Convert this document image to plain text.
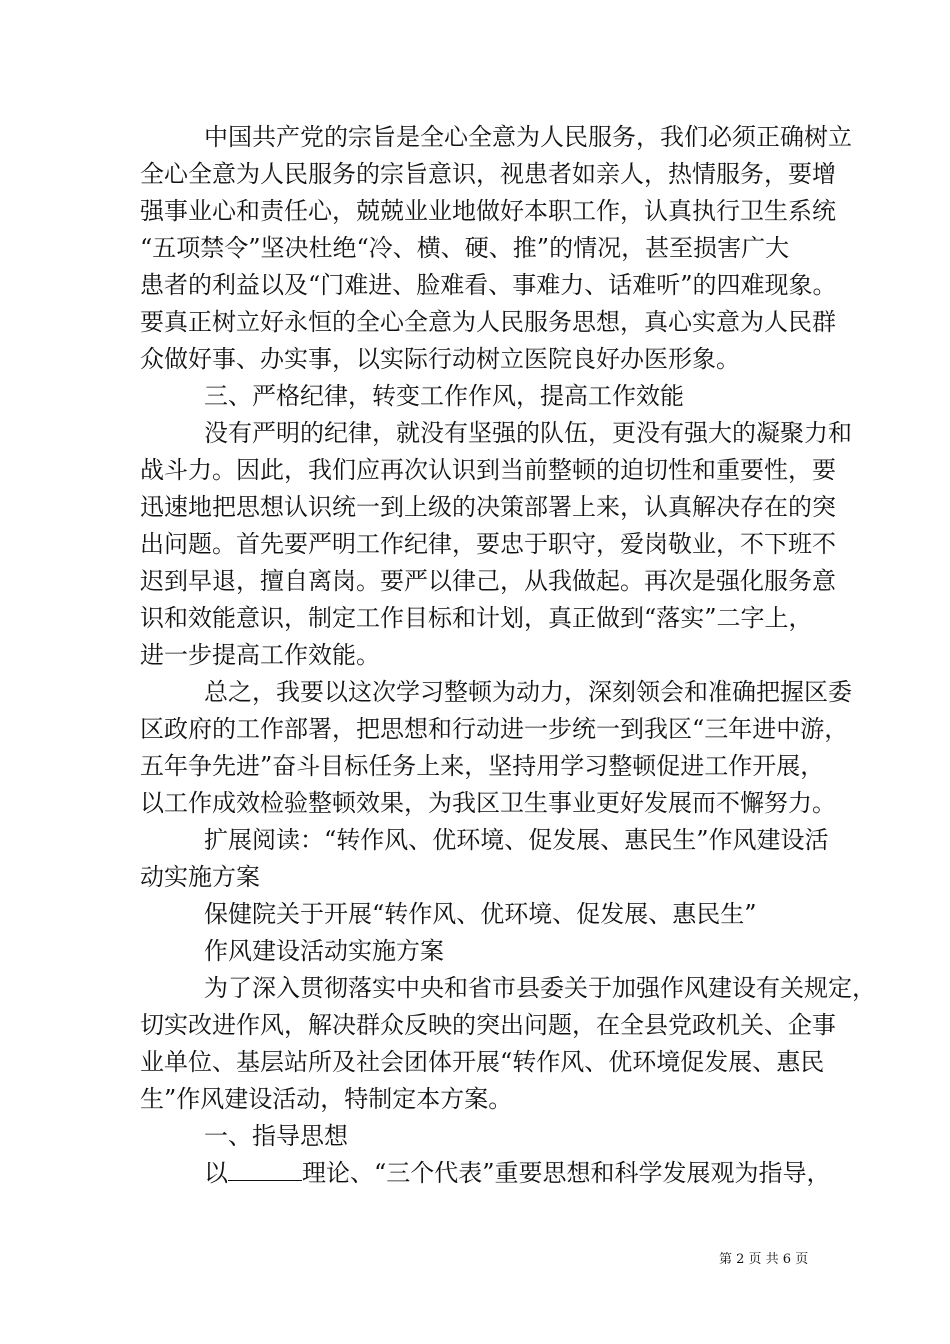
中国共产党的宗旨是全心全意为人民服务，我们必须正确树立
全心全意为人民服务的宗旨意识，视患者如亲人，热情服务，要增
强事业心和责任心，兢兢业业地做好本职工作，认真执行卫生系统
“五项禁令”坚决杜绝“冷、横、硬、推”的情况，甚至损害广大
患者的利益以及“门难进、脸难看、事难力、话难听”的四难现象。
要真正树立好永恒的全心全意为人民服务思想，真心实意为人民群
众做好事、办实事，以实际行动树立医院良好办医形象。
三、严格纪律，转变工作作风，提高工作效能
没有严明的纪律，就没有坚强的队伍，更没有强大的凝聚力和
战斗力。因此，我们应再次认识到当前整顿的迫切性和重要性，要
迅速地把思想认识统一到上级的决策部署上来，认真解决存在的突
出问题。首先要严明工作纪律，要忠于职守，爱岗敬业，不下班不
迟到早退，擅自离岗。要严以律己，从我做起。再次是强化服务意
识和效能意识，制定工作目标和计划，真正做到“落实”二字上，
进一步提高工作效能。
总之，我要以这次学习整顿为动力，深刻领会和准确把握区委
区政府的工作部署，把思想和行动进一步统一到我区“三年进中游，
五年争先进”奋斗目标任务上来，坚持用学习整顿促进工作开展，
以工作成效检验整顿效果，为我区卫生事业更好发展而不懈努力。
扩展阅读：“转作风、优环境、促发展、惠民生”作风建设活
动实施方案
保健院关于开展“转作风、优环境、促发展、惠民生”
作风建设活动实施方案
为了深入贯彻落实中央和省市县委关于加强作风建设有关规定，
切实改进作风，解决群众反映的突出问题，在全县党政机关、企事
业单位、基层站所及社会团体开展“转作风、优环境促发展、惠民
生”作风建设活动，特制定本方案。
一、指导思想
以	理论、“三个代表”重要思想和科学发展观为指导，
第 2 页 共 6 页
